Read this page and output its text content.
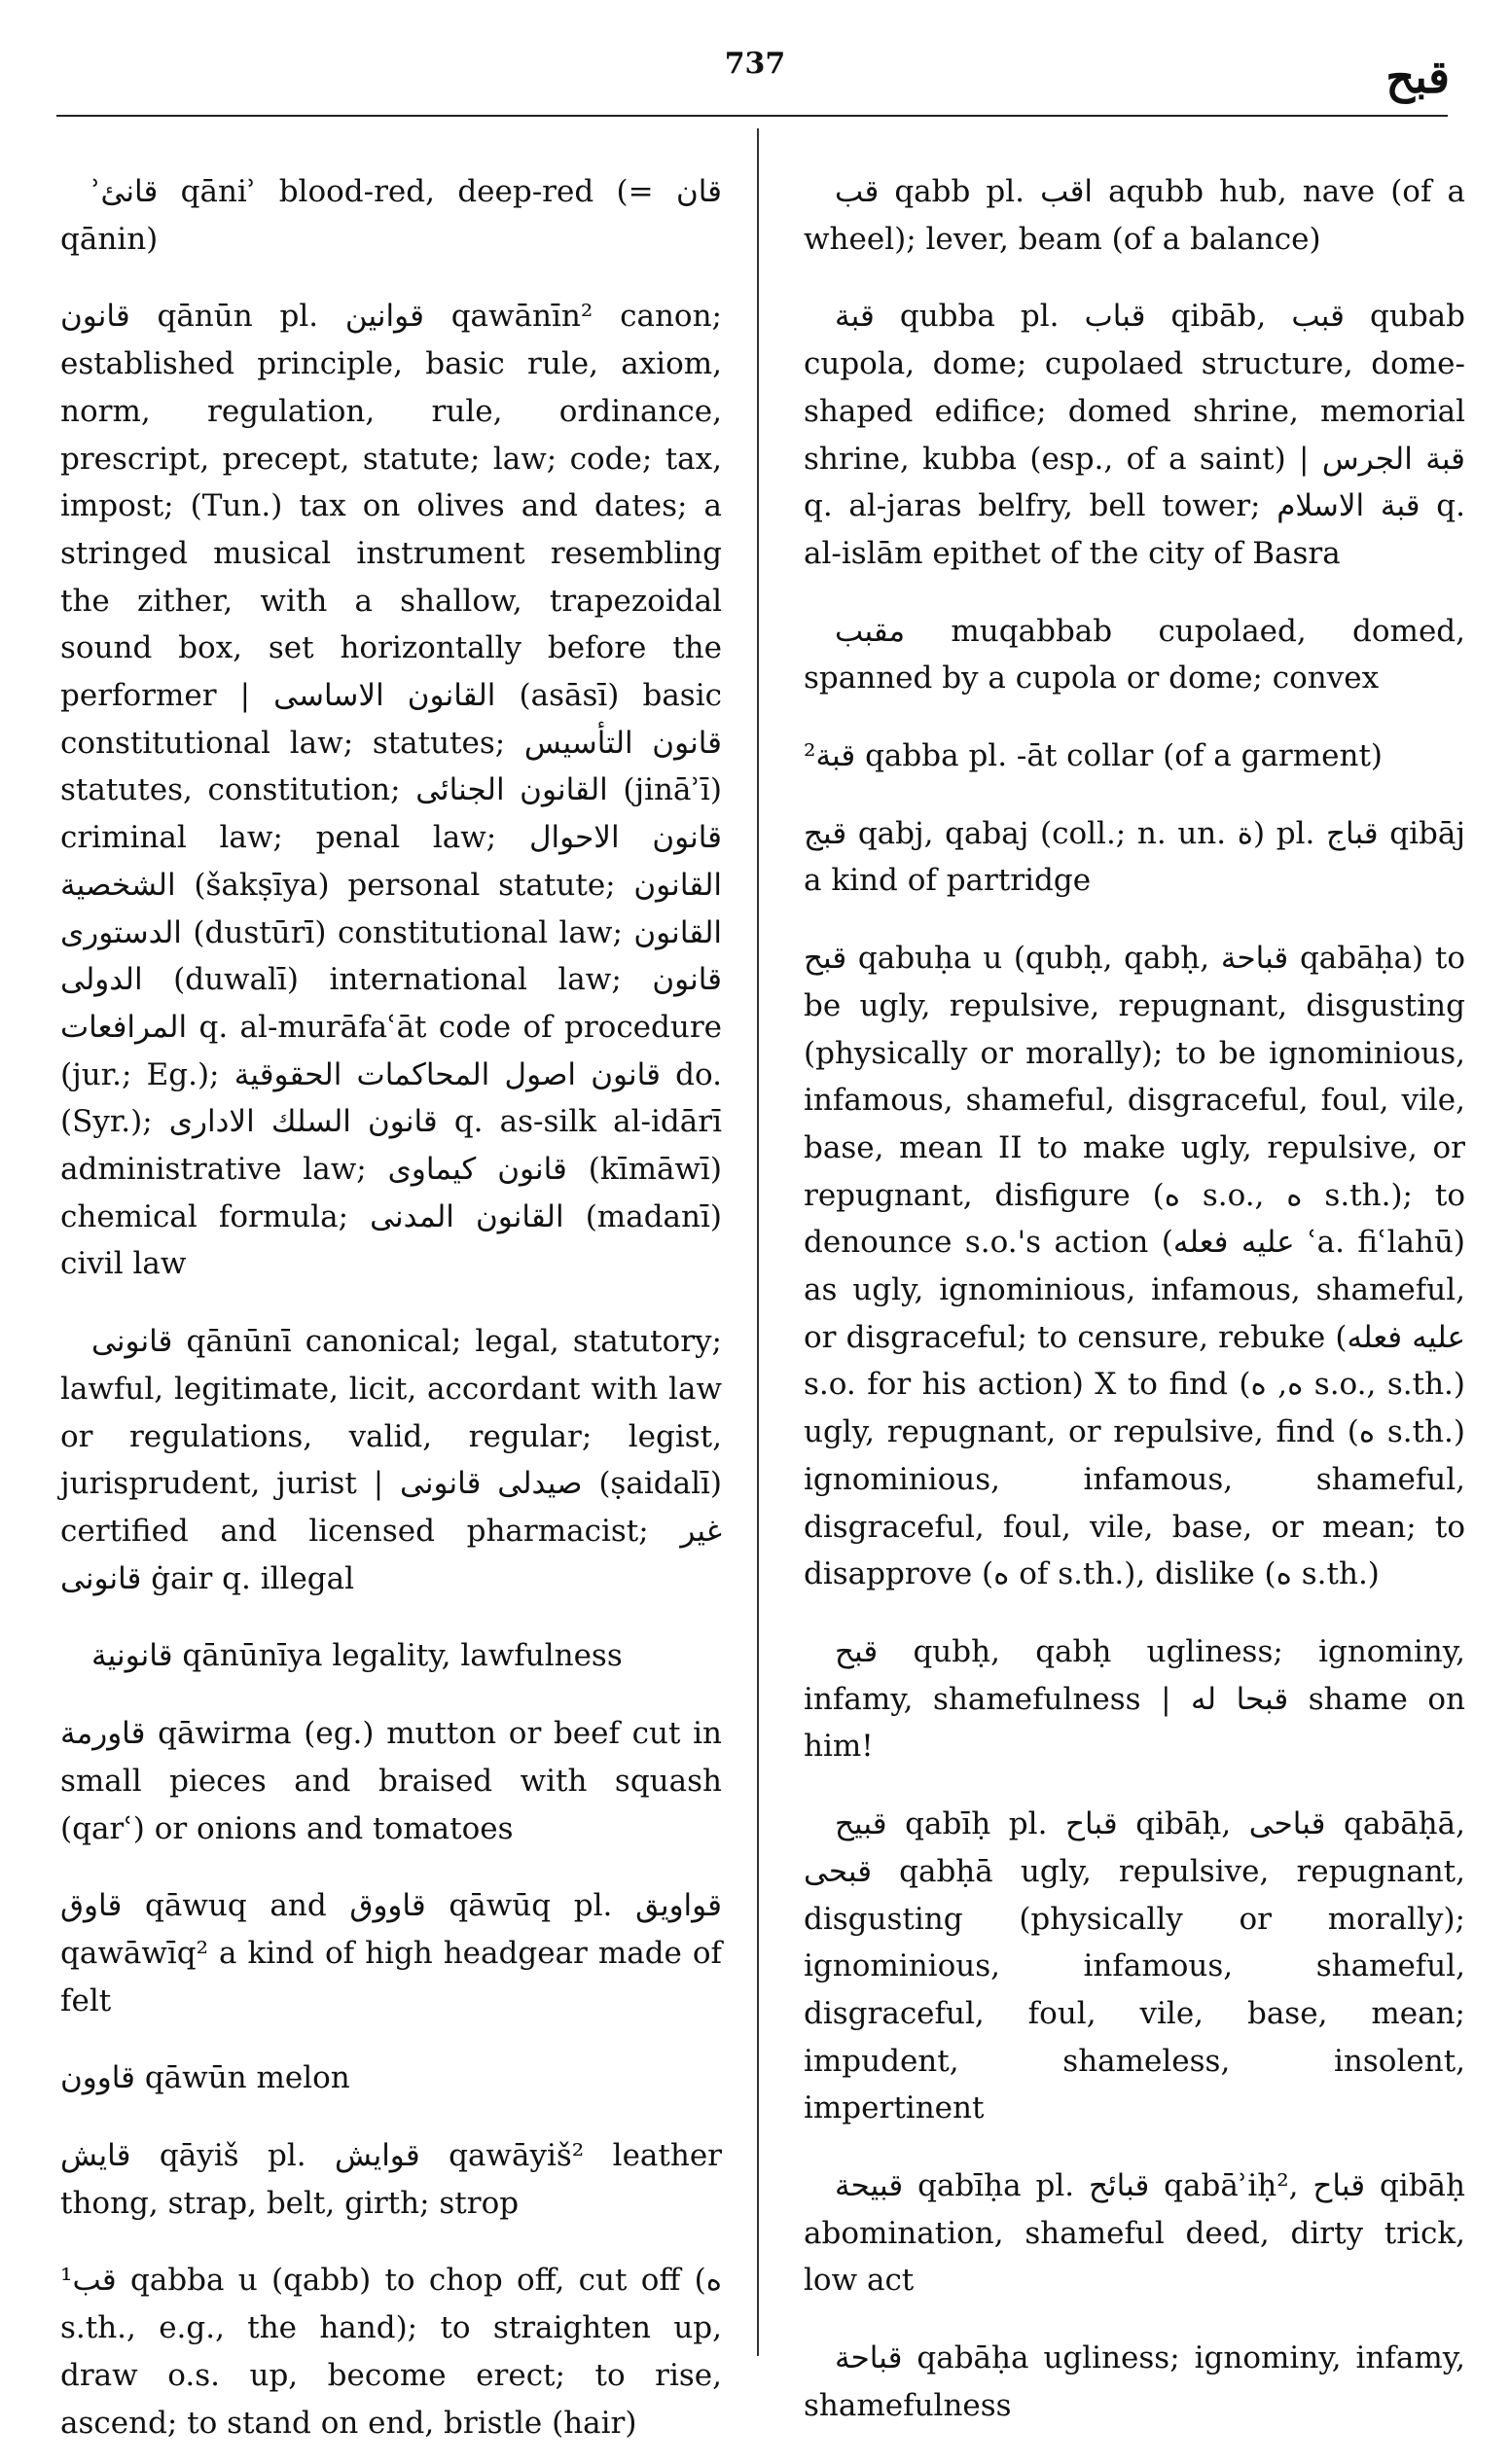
737	قبح

ʾقانئ qāniʾ blood-red, deep-red (= قان qānin)

قانون qānūn pl. قوانين qawānīn² canon; established principle, basic rule, axiom, norm, regulation, rule, ordinance, prescript, precept, statute; law; code; tax, impost; (Tun.) tax on olives and dates; a stringed musical instrument resembling the zither, with a shallow, trapezoidal sound box, set horizontally before the performer | القانون الاساسى (asāsī) basic constitutional law; statutes; قانون التأسيس statutes, constitution; القانون الجنائى (jināʾī) criminal law; penal law; قانون الاحوال الشخصية (šakṣīya) personal statute; القانون الدستورى (dustūrī) constitutional law; القانون الدولى (duwalī) international law; قانون المرافعات q. al-murāfaʿāt code of procedure (jur.; Eg.); قانون اصول المحاكمات الحقوقية do. (Syr.); قانون السلك الادارى q. as-silk al-idārī administrative law; قانون كيماوى (kīmāwī) chemical formula; القانون المدنى (madanī) civil law

قانونى qānūnī canonical; legal, statutory; lawful, legitimate, licit, accordant with law or regulations, valid, regular; legist, jurisprudent, jurist | صيدلى قانونى (ṣaidalī) certified and licensed pharmacist; غير قانونى ġair q. illegal

قانونية qānūnīya legality, lawfulness

قاورمة qāwirma (eg.) mutton or beef cut in small pieces and braised with squash (qarʿ) or onions and tomatoes

قاوق qāwuq and قاووق qāwūq pl. قواويق qawāwīq² a kind of high headgear made of felt

قاوون qāwūn melon

قايش qāyiš pl. قوايش qawāyiš² leather thong, strap, belt, girth; strop

¹قب qabba u (qabb) to chop off, cut off (ه s.th., e.g., the hand); to straighten up, draw o.s. up, become erect; to rise, ascend; to stand on end, bristle (hair)

قب qabb pl. اقب aqubb hub, nave (of a wheel); lever, beam (of a balance)

قبة qubba pl. قباب qibāb, قبب qubab cupola, dome; cupolaed structure, dome-shaped edifice; domed shrine, memorial shrine, kubba (esp., of a saint) | قبة الجرس q. al-jaras belfry, bell tower; قبة الاسلام q. al-islām epithet of the city of Basra

مقبب muqabbab cupolaed, domed, spanned by a cupola or dome; convex

²قبة qabba pl. -āt collar (of a garment)

قبج qabj, qabaj (coll.; n. un. ة) pl. قباج qibāj a kind of partridge

قبح qabuḥa u (qubḥ, qabḥ, قباحة qabāḥa) to be ugly, repulsive, repugnant, disgusting (physically or morally); to be ignominious, infamous, shameful, disgraceful, foul, vile, base, mean II to make ugly, repulsive, or repugnant, disfigure (ه s.o., ه s.th.); to denounce s.o.'s action (عليه فعله ʿa. fiʿlahū) as ugly, ignominious, infamous, shameful, or disgraceful; to censure, rebuke (عليه فعله s.o. for his action) X to find (ه, ه s.o., s.th.) ugly, repugnant, or repulsive, find (ه s.th.) ignominious, infamous, shameful, disgraceful, foul, vile, base, or mean; to disapprove (ه of s.th.), dislike (ه s.th.)

قبح qubḥ, qabḥ ugliness; ignominy, infamy, shamefulness | قبحا له shame on him!

قبيح qabīḥ pl. قباح qibāḥ, قباحى qabāḥā, قبحى qabḥā ugly, repulsive, repugnant, disgusting (physically or morally); ignominious, infamous, shameful, disgraceful, foul, vile, base, mean; impudent, shameless, insolent, impertinent

قبيحة qabīḥa pl. قبائح qabāʾiḥ², قباح qibāḥ abomination, shameful deed, dirty trick, low act

قباحة qabāḥa ugliness; ignominy, infamy, shamefulness
